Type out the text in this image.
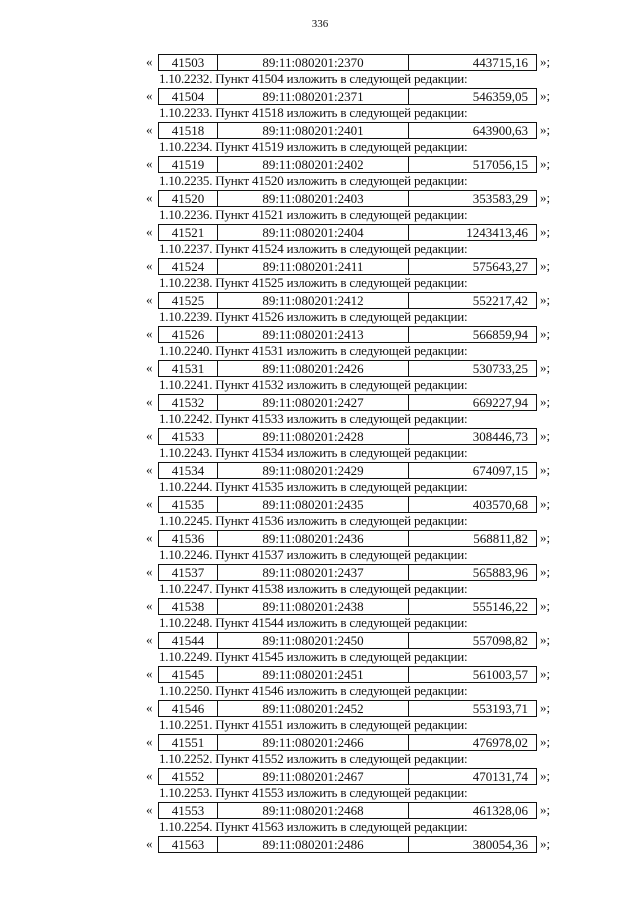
336
«	41503	89:11:080201:2370	443715,16 »;
1.10.2232. Пункт 41504 изложить в следующей редакции:
«	41504	89:11:080201:2371	546359,05 »;
1.10.2233. Пункт 41518 изложить в следующей редакции:
«	41518	89:11:080201:2401	643900,63 »;
1.10.2234. Пункт 41519 изложить в следующей редакции:
«	41519	89:11:080201:2402	517056,15 »;
1.10.2235. Пункт 41520 изложить в следующей редакции:
«	41520	89:11:080201:2403	353583,29 »;
1.10.2236. Пункт 41521 изложить в следующей редакции:
«	41521	89:11:080201:2404	1243413,46 »;
1.10.2237. Пункт 41524 изложить в следующей редакции:
«	41524	89:11:080201:2411	575643,27 »;
1.10.2238. Пункт 41525 изложить в следующей редакции:
«	41525	89:11:080201:2412	552217,42 »;
1.10.2239. Пункт 41526 изложить в следующей редакции:
«	41526	89:11:080201:2413	566859,94 »;
1.10.2240. Пункт 41531 изложить в следующей редакции:
«	41531	89:11:080201:2426	530733,25 »;
1.10.2241. Пункт 41532 изложить в следующей редакции:
«	41532	89:11:080201:2427	669227,94 »;
1.10.2242. Пункт 41533 изложить в следующей редакции:
«	41533	89:11:080201:2428	308446,73 »;
1.10.2243. Пункт 41534 изложить в следующей редакции:
«	41534	89:11:080201:2429	674097,15 »;
1.10.2244. Пункт 41535 изложить в следующей редакции:
«	41535	89:11:080201:2435	403570,68 »;
1.10.2245. Пункт 41536 изложить в следующей редакции:
«	41536	89:11:080201:2436	568811,82 »;
1.10.2246. Пункт 41537 изложить в следующей редакции:
«	41537	89:11:080201:2437	565883,96 »;
1.10.2247. Пункт 41538 изложить в следующей редакции:
«	41538	89:11:080201:2438	555146,22 »;
1.10.2248. Пункт 41544 изложить в следующей редакции:
«	41544	89:11:080201:2450	557098,82 »;
1.10.2249. Пункт 41545 изложить в следующей редакции:
«	41545	89:11:080201:2451	561003,57 »;
1.10.2250. Пункт 41546 изложить в следующей редакции:
«	41546	89:11:080201:2452	553193,71 »;
1.10.2251. Пункт 41551 изложить в следующей редакции:
«	41551	89:11:080201:2466	476978,02 »;
1.10.2252. Пункт 41552 изложить в следующей редакции:
«	41552	89:11:080201:2467	470131,74 »;
1.10.2253. Пункт 41553 изложить в следующей редакции:
«	41553	89:11:080201:2468	461328,06 »;
1.10.2254. Пункт 41563 изложить в следующей редакции:
«	41563	89:11:080201:2486	380054,36 »;
